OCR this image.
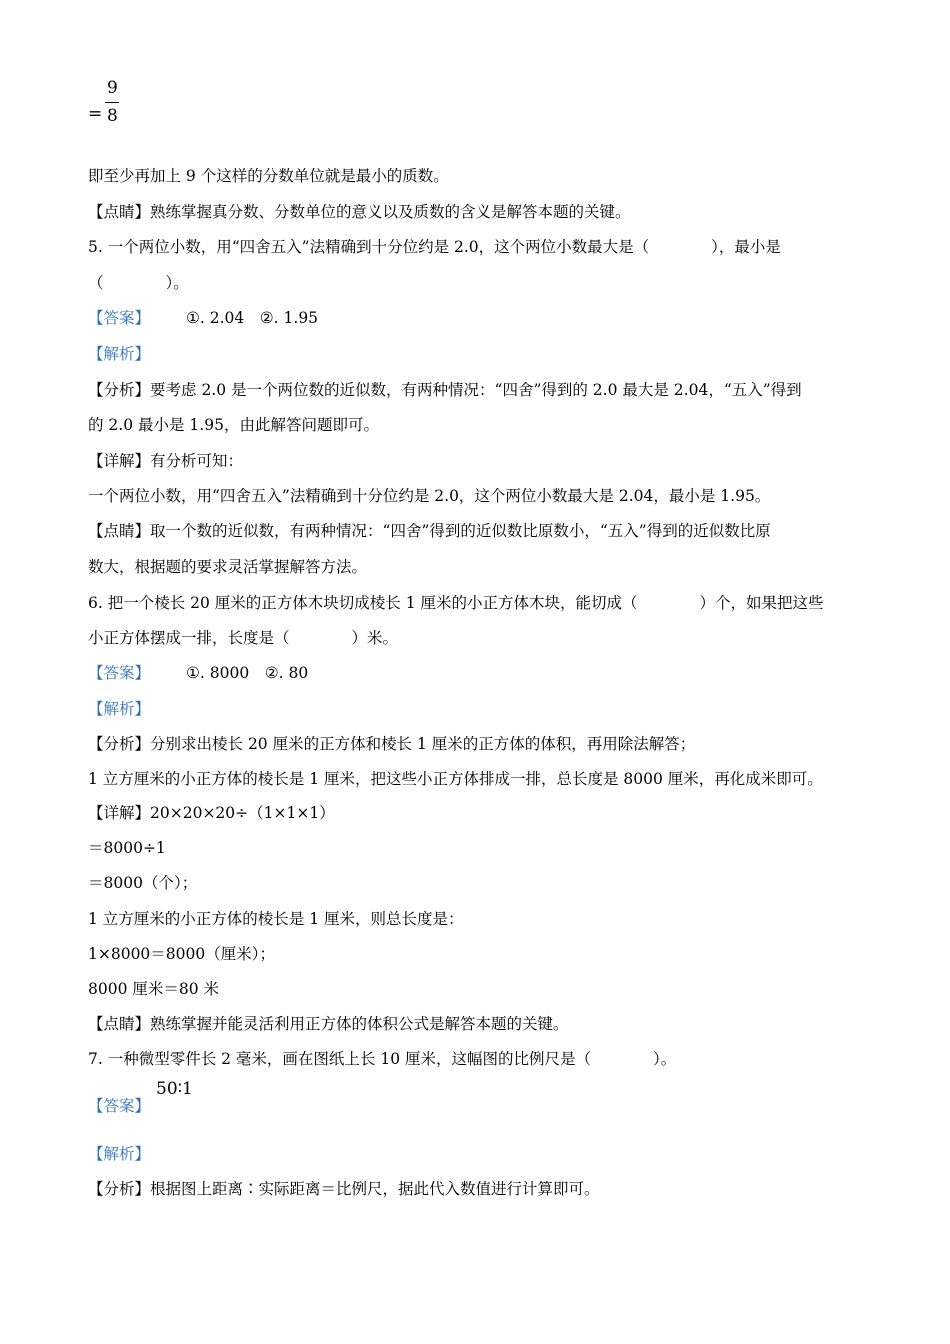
=
9
8
即至少再加上 9 个这样的分数单位就是最小的质数。
【点睛】熟练掌握真分数、分数单位的意义以及质数的含义是解答本题的关键。
5. 一个两位小数，用“四舍五入”法精确到十分位约是 2.0，这个两位小数最大是（　　　　），最小是
（　　　　）。
【答案】 ①. 2.04　②. 1.95
【解析】
【分析】要考虑 2.0 是一个两位数的近似数，有两种情况：“四舍”得到的 2.0 最大是 2.04，“五入”得到
的 2.0 最小是 1.95，由此解答问题即可。
【详解】有分析可知：
一个两位小数，用“四舍五入”法精确到十分位约是 2.0，这个两位小数最大是 2.04，最小是 1.95。
【点睛】取一个数的近似数，有两种情况：“四舍”得到的近似数比原数小，“五入”得到的近似数比原
数大，根据题的要求灵活掌握解答方法。
6. 把一个棱长 20 厘米的正方体木块切成棱长 1 厘米的小正方体木块，能切成（　　　　）个，如果把这些
小正方体摆成一排，长度是（　　　　）米。
【答案】 ①. 8000　②. 80
【解析】
【分析】分别求出棱长 20 厘米的正方体和棱长 1 厘米的正方体的体积，再用除法解答；
1 立方厘米的小正方体的棱长是 1 厘米，把这些小正方体排成一排，总长度是 8000 厘米，再化成米即可。
【详解】20×20×20÷（1×1×1）
＝8000÷1
＝8000（个）；
1 立方厘米的小正方体的棱长是 1 厘米，则总长度是：
1×8000＝8000（厘米）；
8000 厘米＝80 米
【点睛】熟练掌握并能灵活利用正方体的体积公式是解答本题的关键。
7. 一种微型零件长 2 毫米，画在图纸上长 10 厘米，这幅图的比例尺是（　　　　）。
【答案】
50∶1
【解析】
【分析】根据图上距离∶实际距离＝比例尺，据此代入数值进行计算即可。
